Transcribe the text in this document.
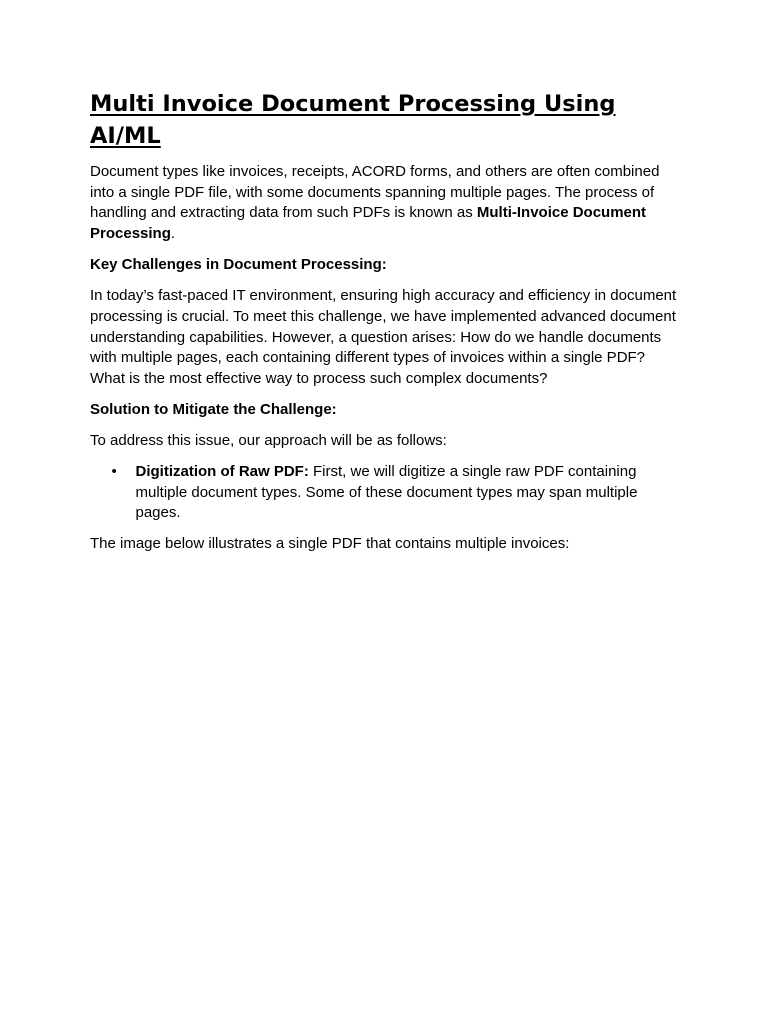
Multi Invoice Document Processing Using
AI/ML

Document types like invoices, receipts, ACORD forms, and others are often combined into a single PDF file, with some documents spanning multiple pages. The process of handling and extracting data from such PDFs is known as Multi-Invoice Document Processing.

Key Challenges in Document Processing:

In today’s fast-paced IT environment, ensuring high accuracy and efficiency in document processing is crucial. To meet this challenge, we have implemented advanced document understanding capabilities. However, a question arises: How do we handle documents with multiple pages, each containing different types of invoices within a single PDF? What is the most effective way to process such complex documents?

Solution to Mitigate the Challenge:

To address this issue, our approach will be as follows:

• Digitization of Raw PDF: First, we will digitize a single raw PDF containing multiple document types. Some of these document types may span multiple pages.

The image below illustrates a single PDF that contains multiple invoices:
